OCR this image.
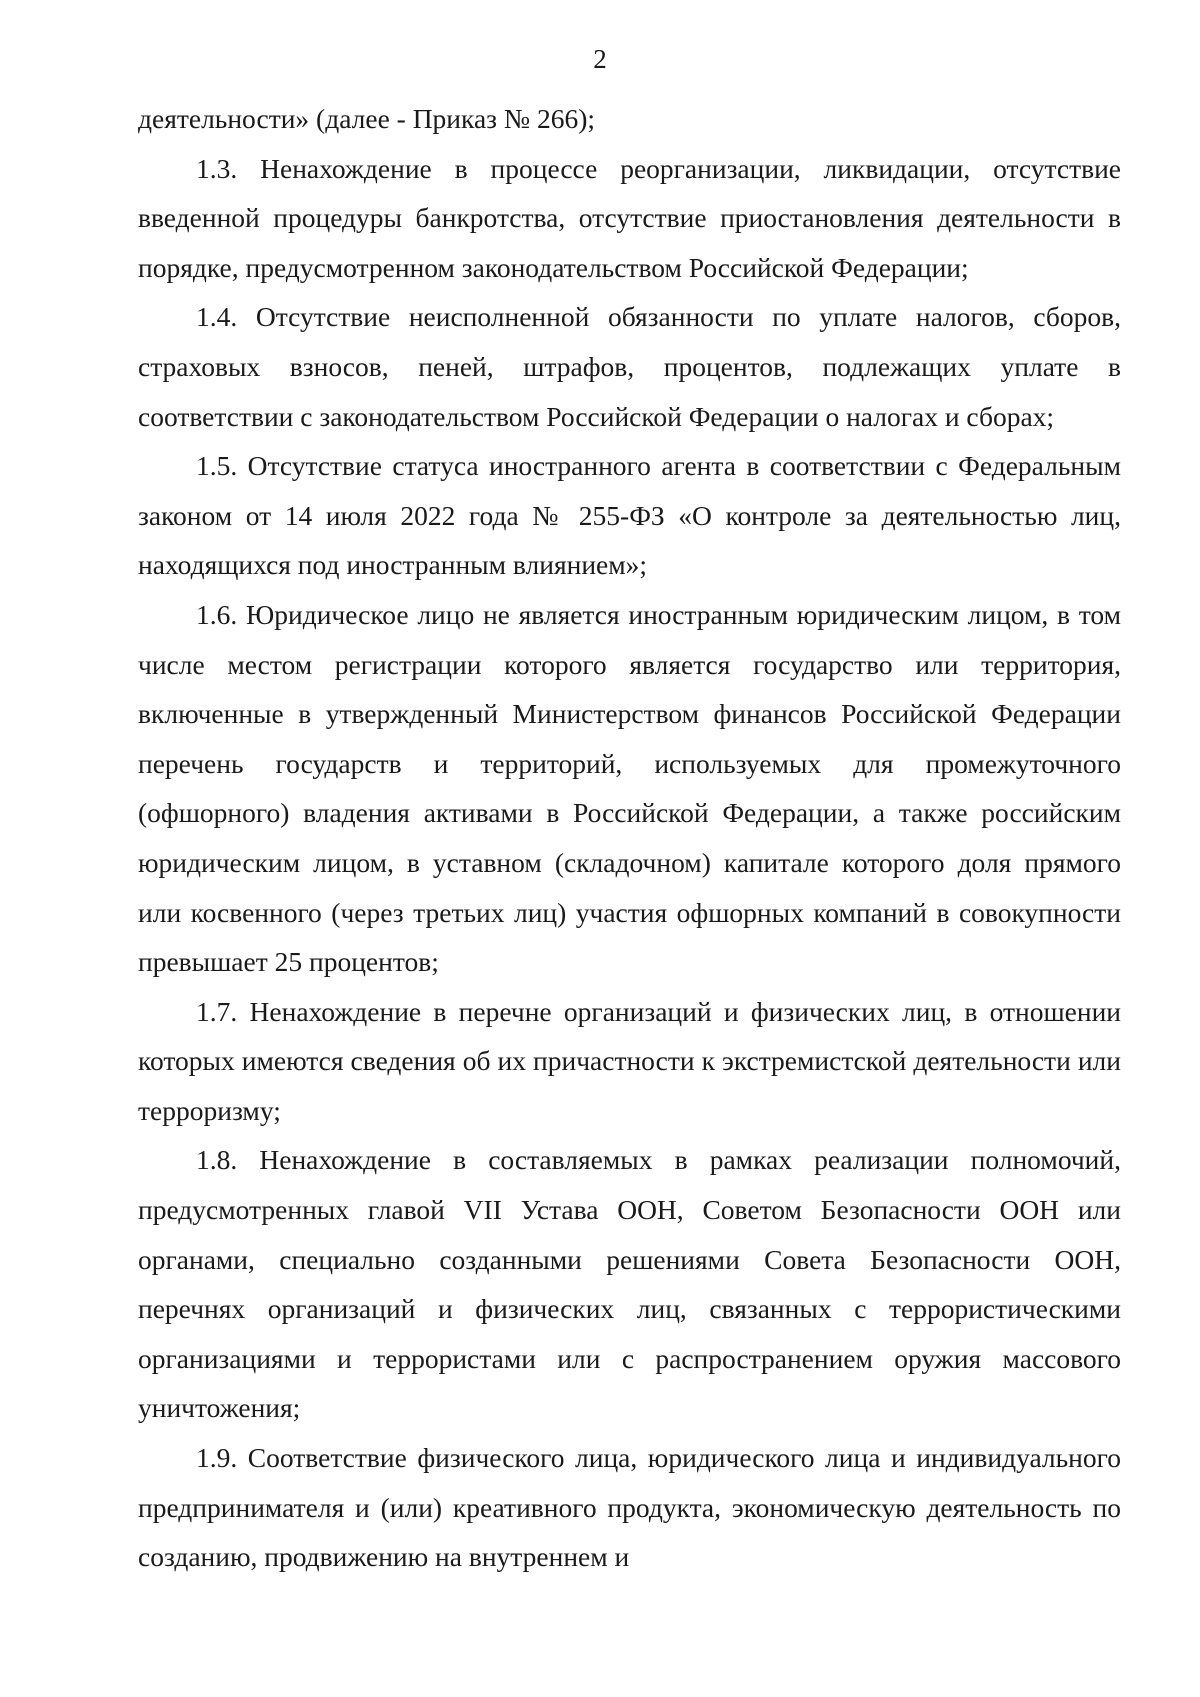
2

деятельности» (далее - Приказ № 266);

1.3. Ненахождение в процессе реорганизации, ликвидации, отсутствие введенной процедуры банкротства, отсутствие приостановления деятельности в порядке, предусмотренном законодательством Российской Федерации;

1.4. Отсутствие неисполненной обязанности по уплате налогов, сборов, страховых взносов, пеней, штрафов, процентов, подлежащих уплате в соответствии с законодательством Российской Федерации о налогах и сборах;

1.5. Отсутствие статуса иностранного агента в соответствии с Федеральным законом от 14 июля 2022 года № 255-ФЗ «О контроле за деятельностью лиц, находящихся под иностранным влиянием»;

1.6. Юридическое лицо не является иностранным юридическим лицом, в том числе местом регистрации которого является государство или территория, включенные в утвержденный Министерством финансов Российской Федерации перечень государств и территорий, используемых для промежуточного (офшорного) владения активами в Российской Федерации, а также российским юридическим лицом, в уставном (складочном) капитале которого доля прямого или косвенного (через третьих лиц) участия офшорных компаний в совокупности превышает 25 процентов;

1.7. Ненахождение в перечне организаций и физических лиц, в отношении которых имеются сведения об их причастности к экстремистской деятельности или терроризму;

1.8. Ненахождение в составляемых в рамках реализации полномочий, предусмотренных главой VII Устава ООН, Советом Безопасности ООН или органами, специально созданными решениями Совета Безопасности ООН, перечнях организаций и физических лиц, связанных с террористическими организациями и террористами или с распространением оружия массового уничтожения;

1.9. Соответствие физического лица, юридического лица и индивидуального предпринимателя и (или) креативного продукта, экономическую деятельность по созданию, продвижению на внутреннем и
